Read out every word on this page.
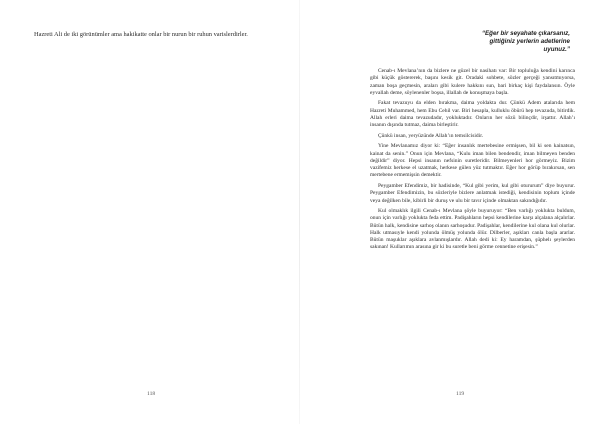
Hazreti Ali de iki görünümler ama hakikatte onlar bir nurun bir ruhun varislerdirler.

118

“Eğer bir seyahate çıkarsanız, gittiğiniz yerlerin adetlerine uyunuz.”

Cenab-ı Mevlana’nın da bizlere ne güzel bir nasihatı var: Bir topluluğa kendini karınca gibi küçük göstererek, başını kesik git. Oradaki sohbete, sözler gerçeği yansıtmıyorsa, zaman boşa geçmesin, araları gibi kulere hakkını sun, bari birkaç kişi faydalansın. Öyle eyvallah deme, söylenenler boşsa, illallah de konuşmaya başla.

Fakat tevazuyu da elden bırakma, daima yoldakta dur. Çünkü Adem atalarıda hem Hazreti Muhammed, hem Ebu Cehil var. Biri hesapla, kulluklu öbürü hep tevazuda, bitirdik. Allah erleri daima tevazudadır, yokluktadır. Onların her sözü bilinçdir, irşattır. Allah’ı insanın dışında tutmaz, daima birleştirir.

Çünkü insan, yeryüzünde Allah’ın temsilcisidir.

Yine Mevlanamız diyor ki: “Eğer insanlık mertebesine ermişsen, bil ki sen kainatsın, kainat da senin.” Onun için Mevlana, “Kulu iman bilen bendendir, iman bilmeyen benden değildir” diyor. Hepsi insanın nefsinin suretleridir. Bilmeyenleri hor görmeyiz. Bizim vazifemiz herkese el uzatmak, herkese gülen yüz tutmaktır. Eğer hor görüp bırakırsan, sen mertebene ermemişsin demektir.

Peygamber Efendimiz, bir hadisinde, “Kul gibi yerim, kul gibi otururum” diye buyurur. Peygamber Efendimizin, bu sözleriyle bizlere anlatmak istediği, kendisinin toplum içinde veya değilken bile, kibirli bir duruş ve ulu bir tavır içinde olmaktan sakındığıdır.

Kul olmaklık ilgili Cenab-ı Mevlana şöyle buyuruyor: “Ben varlığı yoklukta buldum, onun için varlığı yoklukta feda ettim. Padişahların hepsi kendilerine karşı alçalana alçalırlar. Bütün halk, kendisine sarhoş olanın sarhoşudur. Padişahlar, kendilerine kul olana kul olurlar. Halk utmasıyle kendi yolunda ölmüş yolunda ölür. Dilberler, aşıkları canla başla ararlar. Bütün maşuklar aşıklara avlanmışlardır. Allah dedi ki: Ey haramdan, şüphelı şeylerden sakınan! Kullarımın arasına gir ki bu suretle beni görme cennetine erişesin.”

119
